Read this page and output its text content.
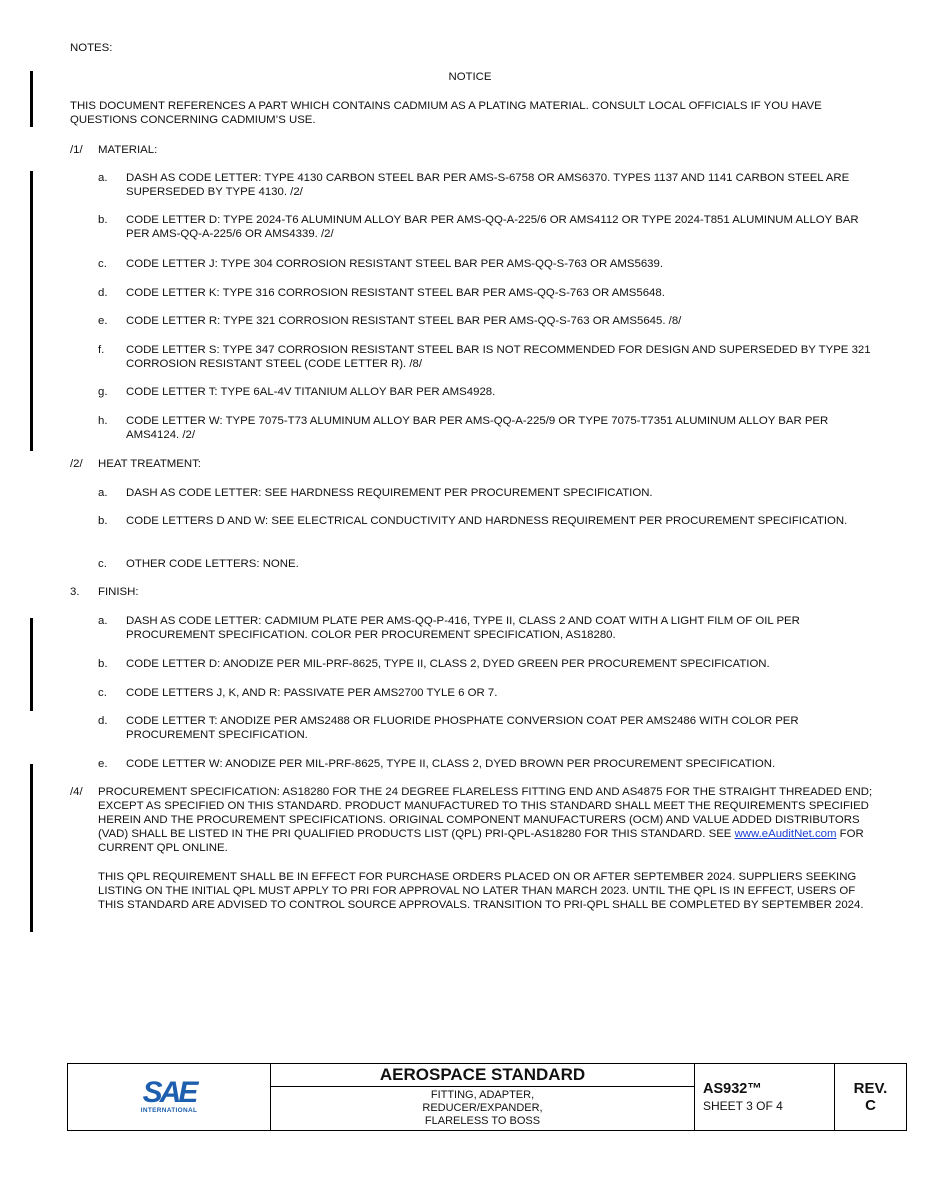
NOTES:
NOTICE
THIS DOCUMENT REFERENCES A PART WHICH CONTAINS CADMIUM AS A PLATING MATERIAL. CONSULT LOCAL OFFICIALS IF YOU HAVE QUESTIONS CONCERNING CADMIUM’S USE.
/1/ MATERIAL:
a. DASH AS CODE LETTER: TYPE 4130 CARBON STEEL BAR PER AMS-S-6758 OR AMS6370. TYPES 1137 AND 1141 CARBON STEEL ARE SUPERSEDED BY TYPE 4130. /2/
b. CODE LETTER D: TYPE 2024-T6 ALUMINUM ALLOY BAR PER AMS-QQ-A-225/6 OR AMS4112 OR TYPE 2024-T851 ALUMINUM ALLOY BAR PER AMS-QQ-A-225/6 OR AMS4339. /2/
c. CODE LETTER J: TYPE 304 CORROSION RESISTANT STEEL BAR PER AMS-QQ-S-763 OR AMS5639.
d. CODE LETTER K: TYPE 316 CORROSION RESISTANT STEEL BAR PER AMS-QQ-S-763 OR AMS5648.
e. CODE LETTER R: TYPE 321 CORROSION RESISTANT STEEL BAR PER AMS-QQ-S-763 OR AMS5645. /8/
f. CODE LETTER S: TYPE 347 CORROSION RESISTANT STEEL BAR IS NOT RECOMMENDED FOR DESIGN AND SUPERSEDED BY TYPE 321 CORROSION RESISTANT STEEL (CODE LETTER R). /8/
g. CODE LETTER T: TYPE 6AL-4V TITANIUM ALLOY BAR PER AMS4928.
h. CODE LETTER W: TYPE 7075-T73 ALUMINUM ALLOY BAR PER AMS-QQ-A-225/9 OR TYPE 7075-T7351 ALUMINUM ALLOY BAR PER AMS4124. /2/
/2/ HEAT TREATMENT:
a. DASH AS CODE LETTER: SEE HARDNESS REQUIREMENT PER PROCUREMENT SPECIFICATION.
b. CODE LETTERS D AND W: SEE ELECTRICAL CONDUCTIVITY AND HARDNESS REQUIREMENT PER PROCUREMENT SPECIFICATION.
c. OTHER CODE LETTERS: NONE.
3. FINISH:
a. DASH AS CODE LETTER: CADMIUM PLATE PER AMS-QQ-P-416, TYPE II, CLASS 2 AND COAT WITH A LIGHT FILM OF OIL PER PROCUREMENT SPECIFICATION. COLOR PER PROCUREMENT SPECIFICATION, AS18280.
b. CODE LETTER D: ANODIZE PER MIL-PRF-8625, TYPE II, CLASS 2, DYED GREEN PER PROCUREMENT SPECIFICATION.
c. CODE LETTERS J, K, AND R: PASSIVATE PER AMS2700 TYLE 6 OR 7.
d. CODE LETTER T: ANODIZE PER AMS2488 OR FLUORIDE PHOSPHATE CONVERSION COAT PER AMS2486 WITH COLOR PER PROCUREMENT SPECIFICATION.
e. CODE LETTER W: ANODIZE PER MIL-PRF-8625, TYPE II, CLASS 2, DYED BROWN PER PROCUREMENT SPECIFICATION.
/4/ PROCUREMENT SPECIFICATION: AS18280 FOR THE 24 DEGREE FLARELESS FITTING END AND AS4875 FOR THE STRAIGHT THREADED END; EXCEPT AS SPECIFIED ON THIS STANDARD. PRODUCT MANUFACTURED TO THIS STANDARD SHALL MEET THE REQUIREMENTS SPECIFIED HEREIN AND THE PROCUREMENT SPECIFICATIONS. ORIGINAL COMPONENT MANUFACTURERS (OCM) AND VALUE ADDED DISTRIBUTORS (VAD) SHALL BE LISTED IN THE PRI QUALIFIED PRODUCTS LIST (QPL) PRI-QPL-AS18280 FOR THIS STANDARD. SEE www.eAuditNet.com FOR CURRENT QPL ONLINE.
THIS QPL REQUIREMENT SHALL BE IN EFFECT FOR PURCHASE ORDERS PLACED ON OR AFTER SEPTEMBER 2024. SUPPLIERS SEEKING LISTING ON THE INITIAL QPL MUST APPLY TO PRI FOR APPROVAL NO LATER THAN MARCH 2023. UNTIL THE QPL IS IN EFFECT, USERS OF THIS STANDARD ARE ADVISED TO CONTROL SOURCE APPROVALS. TRANSITION TO PRI-QPL SHALL BE COMPLETED BY SEPTEMBER 2024.
SAE
INTERNATIONAL
	AEROSPACE STANDARD	
AS932™
SHEET 3 OF 4

REV.
C

FITTING, ADAPTER,
REDUCER/EXPANDER,
FLARELESS TO BOSS
